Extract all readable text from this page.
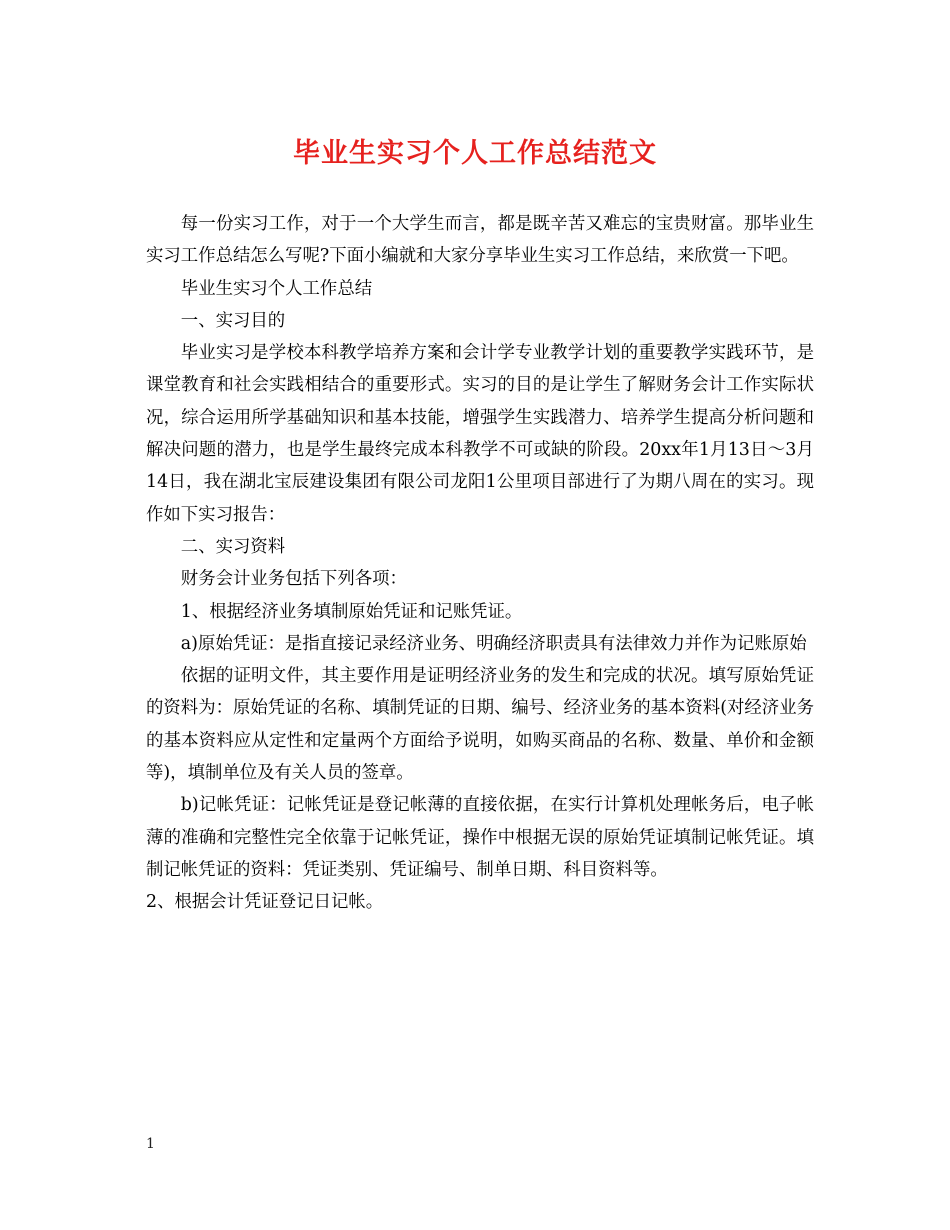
毕业生实习个人工作总结范文

每一份实习工作，对于一个大学生而言，都是既辛苦又难忘的宝贵财富。那毕业生实习工作总结怎么写呢?下面小编就和大家分享毕业生实习工作总结，来欣赏一下吧。

毕业生实习个人工作总结

一、实习目的

毕业实习是学校本科教学培养方案和会计学专业教学计划的重要教学实践环节，是课堂教育和社会实践相结合的重要形式。实习的目的是让学生了解财务会计工作实际状况，综合运用所学基础知识和基本技能，增强学生实践潜力、培养学生提高分析问题和解决问题的潜力，也是学生最终完成本科教学不可或缺的阶段。20xx年1月13日～3月14日，我在湖北宝辰建设集团有限公司龙阳1公里项目部进行了为期八周在的实习。现作如下实习报告：

二、实习资料

财务会计业务包括下列各项：

1、根据经济业务填制原始凭证和记账凭证。

a)原始凭证：是指直接记录经济业务、明确经济职责具有法律效力并作为记账原始

依据的证明文件，其主要作用是证明经济业务的发生和完成的状况。填写原始凭证的资料为：原始凭证的名称、填制凭证的日期、编号、经济业务的基本资料(对经济业务的基本资料应从定性和定量两个方面给予说明，如购买商品的名称、数量、单价和金额等)，填制单位及有关人员的签章。

b)记帐凭证：记帐凭证是登记帐薄的直接依据，在实行计算机处理帐务后，电子帐薄的准确和完整性完全依靠于记帐凭证，操作中根据无误的原始凭证填制记帐凭证。填制记帐凭证的资料：凭证类别、凭证编号、制单日期、科目资料等。

2、根据会计凭证登记日记帐。

1
